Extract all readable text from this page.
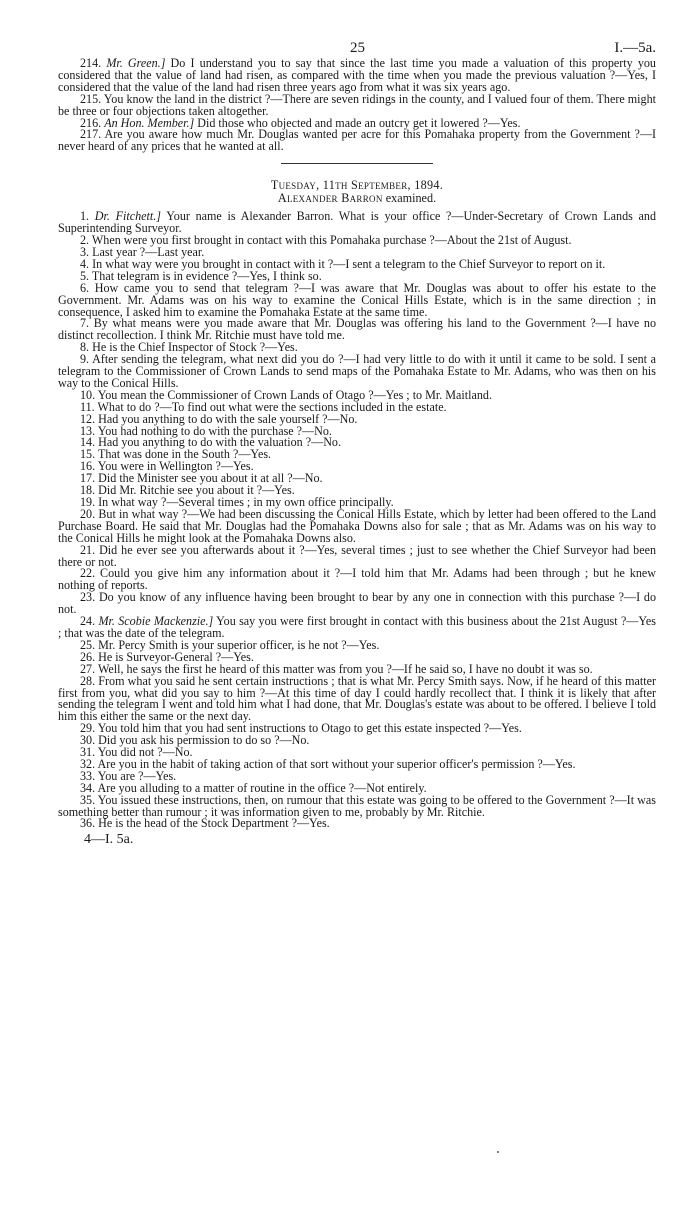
25	I.—5a.

214. Mr. Green.] Do I understand you to say that since the last time you made a valuation of this property you considered that the value of land had risen, as compared with the time when you made the previous valuation ?—Yes, I considered that the value of the land had risen three years ago from what it was six years ago.

215. You know the land in the district ?—There are seven ridings in the county, and I valued four of them. There might be three or four objections taken altogether.

216. An Hon. Member.] Did those who objected and made an outcry get it lowered ?—Yes.

217. Are you aware how much Mr. Douglas wanted per acre for this Pomahaka property from the Government ?—I never heard of any prices that he wanted at all.

Tuesday, 11th September, 1894.

Alexander Barron examined.

1. Dr. Fitchett.] Your name is Alexander Barron. What is your office ?—Under-Secretary of Crown Lands and Superintending Surveyor.

2. When were you first brought in contact with this Pomahaka purchase ?—About the 21st of August.

3. Last year ?—Last year.

4. In what way were you brought in contact with it ?—I sent a telegram to the Chief Surveyor to report on it.

5. That telegram is in evidence ?—Yes, I think so.

6. How came you to send that telegram ?—I was aware that Mr. Douglas was about to offer his estate to the Government. Mr. Adams was on his way to examine the Conical Hills Estate, which is in the same direction ; in consequence, I asked him to examine the Pomahaka Estate at the same time.

7. By what means were you made aware that Mr. Douglas was offering his land to the Government ?—I have no distinct recollection. I think Mr. Ritchie must have told me.

8. He is the Chief Inspector of Stock ?—Yes.

9. After sending the telegram, what next did you do ?—I had very little to do with it until it came to be sold. I sent a telegram to the Commissioner of Crown Lands to send maps of the Pomahaka Estate to Mr. Adams, who was then on his way to the Conical Hills.

10. You mean the Commissioner of Crown Lands of Otago ?—Yes ; to Mr. Maitland.

11. What to do ?—To find out what were the sections included in the estate.

12. Had you anything to do with the sale yourself ?—No.

13. You had nothing to do with the purchase ?—No.

14. Had you anything to do with the valuation ?—No.

15. That was done in the South ?—Yes.

16. You were in Wellington ?—Yes.

17. Did the Minister see you about it at all ?—No.

18. Did Mr. Ritchie see you about it ?—Yes.

19. In what way ?—Several times ; in my own office principally.

20. But in what way ?—We had been discussing the Conical Hills Estate, which by letter had been offered to the Land Purchase Board. He said that Mr. Douglas had the Pomahaka Downs also for sale ; that as Mr. Adams was on his way to the Conical Hills he might look at the Pomahaka Downs also.

21. Did he ever see you afterwards about it ?—Yes, several times ; just to see whether the Chief Surveyor had been there or not.

22. Could you give him any information about it ?—I told him that Mr. Adams had been through ; but he knew nothing of reports.

23. Do you know of any influence having been brought to bear by any one in connection with this purchase ?—I do not.

24. Mr. Scobie Mackenzie.] You say you were first brought in contact with this business about the 21st August ?—Yes ; that was the date of the telegram.

25. Mr. Percy Smith is your superior officer, is he not ?—Yes.

26. He is Surveyor-General ?—Yes.

27. Well, he says the first he heard of this matter was from you ?—If he said so, I have no doubt it was so.

28. From what you said he sent certain instructions ; that is what Mr. Percy Smith says. Now, if he heard of this matter first from you, what did you say to him ?—At this time of day I could hardly recollect that. I think it is likely that after sending the telegram I went and told him what I had done, that Mr. Douglas's estate was about to be offered. I believe I told him this either the same or the next day.

29. You told him that you had sent instructions to Otago to get this estate inspected ?—Yes.

30. Did you ask his permission to do so ?—No.

31. You did not ?—No.

32. Are you in the habit of taking action of that sort without your superior officer's permission ?—Yes.

33. You are ?—Yes.

34. Are you alluding to a matter of routine in the office ?—Not entirely.

35. You issued these instructions, then, on rumour that this estate was going to be offered to the Government ?—It was something better than rumour ; it was information given to me, probably by Mr. Ritchie.

36. He is the head of the Stock Department ?—Yes.

4—I. 5a.
